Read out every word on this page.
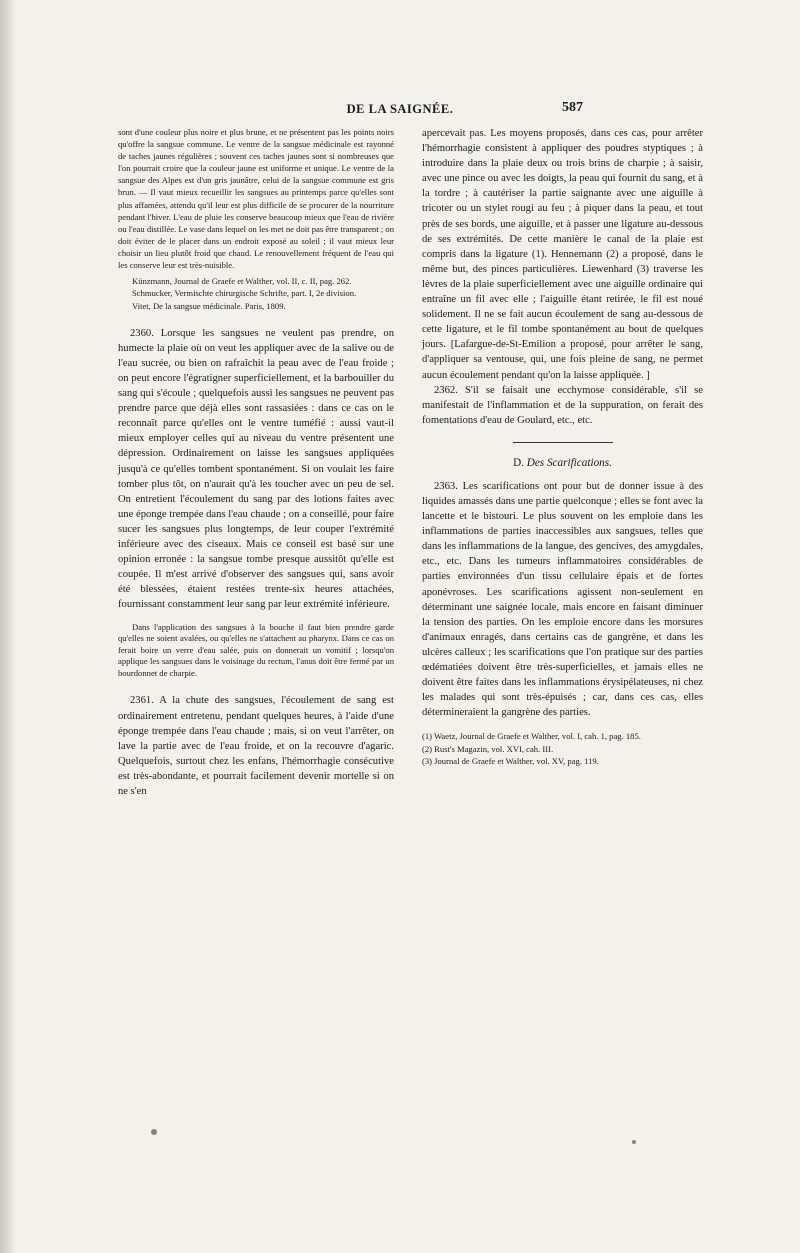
DE LA SAIGNÉE.	587

sont d'une couleur plus noire et plus brune, et ne présentent pas les points noirs qu'offre la sangsue commune. Le ventre de la sangsue médicinale est rayonné de taches jaunes régulières ; souvent ces taches jaunes sont si nombreuses que l'on pourrait croire que la couleur jaune est uniforme et unique. Le ventre de la sangsue des Alpes est d'un gris jaunâtre, celui de la sangsue commune est gris brun. — Il vaut mieux recueillir les sangsues au printemps parce qu'elles sont plus affamées, attendu qu'il leur est plus difficile de se procurer de la nourriture pendant l'hiver. L'eau de pluie les conserve beaucoup mieux que l'eau de rivière ou l'eau distillée. Le vase dans lequel on les met ne doit pas être transparent ; on doit éviter de le placer dans un endroit exposé au soleil ; il vaut mieux leur choisir un lieu plutôt froid que chaud. Le renouvellement fréquent de l'eau qui les conserve leur est très-nuisible.

Künzmann, Journal de Graefe et Walther, vol. II, c. II, pag. 262.

Schmucker, Vermischte chirurgische Schrifte, part. I, 2e division.

Vitet, De la sangsue médicinale. Paris, 1809.

2360. Lorsque les sangsues ne veulent pas prendre, on humecte la plaie où on veut les appliquer avec de la salive ou de l'eau sucrée, ou bien on rafraîchit la peau avec de l'eau froide ; on peut encore l'égratigner superficiellement, et la barbouiller du sang qui s'écoule ; quelquefois aussi les sangsues ne peuvent pas prendre parce que déjà elles sont rassasiées : dans ce cas on le reconnaît parce qu'elles ont le ventre tuméfié : aussi vaut-il mieux employer celles qui au niveau du ventre présentent une dépression. Ordinairement on laisse les sangsues appliquées jusqu'à ce qu'elles tombent spontanément. Si on voulait les faire tomber plus tôt, on n'aurait qu'à les toucher avec un peu de sel. On entretient l'écoulement du sang par des lotions faites avec une éponge trempée dans l'eau chaude ; on a conseillé, pour faire sucer les sangsues plus longtemps, de leur couper l'extrémité inférieure avec des ciseaux. Mais ce conseil est basé sur une opinion erronée : la sangsue tombe presque aussitôt qu'elle est coupée. Il m'est arrivé d'observer des sangsues qui, sans avoir été blessées, étaient restées trente-six heures attachées, fournissant constamment leur sang par leur extrémité inférieure.

Dans l'application des sangsues à la bouche il faut bien prendre garde qu'elles ne soient avalées, ou qu'elles ne s'attachent au pharynx. Dans ce cas on ferait boire un verre d'eau salée, puis on donnerait un vomitif ; lorsqu'on applique les sangsues dans le voisinage du rectum, l'anus doit être fermé par un bourdonnet de charpie.

2361. A la chute des sangsues, l'écoulement de sang est ordinairement entretenu, pendant quelques heures, à l'aide d'une éponge trempée dans l'eau chaude ; mais, si on veut l'arrêter, on lave la partie avec de l'eau froide, et on la recouvre d'agaric. Quelquefois, surtout chez les enfans, l'hémorrhagie consécutive est très-abondante, et pourrait facilement devenir mortelle si on ne s'en

apercevait pas. Les moyens proposés, dans ces cas, pour arrêter l'hémorrhagie consistent à appliquer des poudres styptiques ; à introduire dans la plaie deux ou trois brins de charpie ; à saisir, avec une pince ou avec les doigts, la peau qui fournit du sang, et à la tordre ; à cautériser la partie saignante avec une aiguille à tricoter ou un stylet rougi au feu ; à piquer dans la peau, et tout près de ses bords, une aiguille, et à passer une ligature au-dessous de ses extrémités. De cette manière le canal de la plaie est compris dans la ligature (1). Hennemann (2) a proposé, dans le même but, des pinces particulières. Liewenhard (3) traverse les lèvres de la plaie superficiellement avec une aiguille ordinaire qui entraîne un fil avec elle ; l'aiguille étant retirée, le fil est noué solidement. Il ne se fait aucun écoulement de sang au-dessous de cette ligature, et le fil tombe spontanément au bout de quelques jours. [Lafargue-de-St-Emilion a proposé, pour arrêter le sang, d'appliquer sa ventouse, qui, une fois pleine de sang, ne permet aucun écoulement pendant qu'on la laisse appliquée. ]

2362. S'il se faisait une ecchymose considérable, s'il se manifestait de l'inflammation et de la suppuration, on ferait des fomentations d'eau de Goulard, etc., etc.

D. Des Scarifications.

2363. Les scarifications ont pour but de donner issue à des liquides amassés dans une partie quelconque ; elles se font avec la lancette et le bistouri. Le plus souvent on les emploie dans les inflammations de parties inaccessibles aux sangsues, telles que dans les inflammations de la langue, des gencives, des amygdales, etc., etc. Dans les tumeurs inflammatoires considérables de parties environnées d'un tissu cellulaire épais et de fortes aponévroses. Les scarifications agissent non-seulement en déterminant une saignée locale, mais encore en faisant diminuer la tension des parties. On les emploie encore dans les morsures d'animaux enragés, dans certains cas de gangrène, et dans les ulcères calleux ; les scarifications que l'on pratique sur des parties œdématiées doivent être très-superficielles, et jamais elles ne doivent être faites dans les inflammations érysipélateuses, ni chez les malades qui sont très-épuisés ; car, dans ces cas, elles détermineraient la gangrène des parties.

(1) Waetz, Journal de Graefe et Walther, vol. I, cah. 1, pag. 185.

(2) Rust's Magazin, vol. XVI, cah. III.

(3) Journal de Graefe et Walther, vol. XV, pag. 119.
